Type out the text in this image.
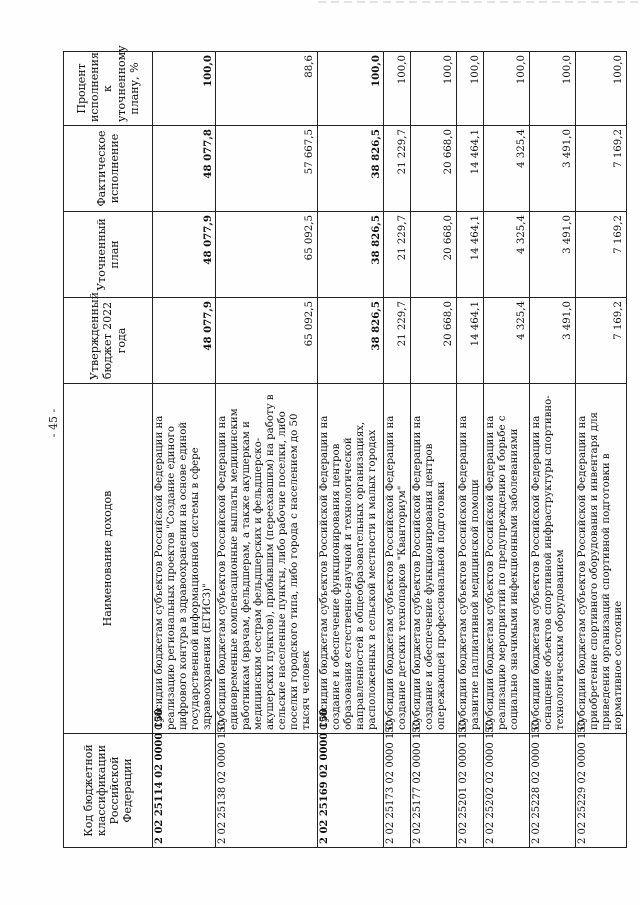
- 45 -
Код бюджетной классификации Российской Федерации	Наименование доходов	Утвержденный бюджет 2022 года	Уточненный план	Фактическое исполнение	Процент исполнения к уточненному плану, %
2 02 25114 02 0000 150	Субсидии бюджетам субъектов Российской Федерации на реализацию региональных проектов "Создание единого цифрового контура в здравоохранении на основе единой государственной информационной системы в сфере здравоохранения (ЕГИСЗ)"	48 077,9	48 077,9	48 077,8	100,0
2 02 25138 02 0000 150	Субсидии бюджетам субъектов Российской Федерации на единовременные компенсационные выплаты медицинским работникам (врачам, фельдшерам, а также акушеркам и медицинским сестрам фельдшерских и фельдшерско-акушерских пунктов), прибывшим (переехавшим) на работу в сельские населенные пункты, либо рабочие поселки, либо поселки городского типа, либо города с населением до 50 тысяч человек	65 092,5	65 092,5	57 667,5	88,6
2 02 25169 02 0000 150	Субсидии бюджетам субъектов Российской Федерации на создание и обеспечение функционирования центров образования естественно-научной и технологической направленностей в общеобразовательных организациях, расположенных в сельской местности и малых городах	38 826,5	38 826,5	38 826,5	100,0
2 02 25173 02 0000 150	Субсидии бюджетам субъектов Российской Федерации на создание детских технопарков "Кванториум"	21 229,7	21 229,7	21 229,7	100,0
2 02 25177 02 0000 150	Субсидии бюджетам субъектов Российской Федерации на создание и обеспечение функционирования центров опережающей профессиональной подготовки	20 668,0	20 668,0	20 668,0	100,0
2 02 25201 02 0000 150	Субсидии бюджетам субъектов Российской Федерации на развитие паллиативной медицинской помощи	14 464,1	14 464,1	14 464,1	100,0
2 02 25202 02 0000 150	Субсидии бюджетам субъектов Российской Федерации на реализацию мероприятий по предупреждению и борьбе с социально значимыми инфекционными заболеваниями	4 325,4	4 325,4	4 325,4	100,0
2 02 25228 02 0000 150	Субсидии бюджетам субъектов Российской Федерации на оснащение объектов спортивной инфраструктуры спортивно-технологическим оборудованием	3 491,0	3 491,0	3 491,0	100,0
2 02 25229 02 0000 150	Субсидии бюджетам субъектов Российской Федерации на приобретение спортивного оборудования и инвентаря для приведения организаций спортивной подготовки в нормативное состояние	7 169,2	7 169,2	7 169,2	100,0
